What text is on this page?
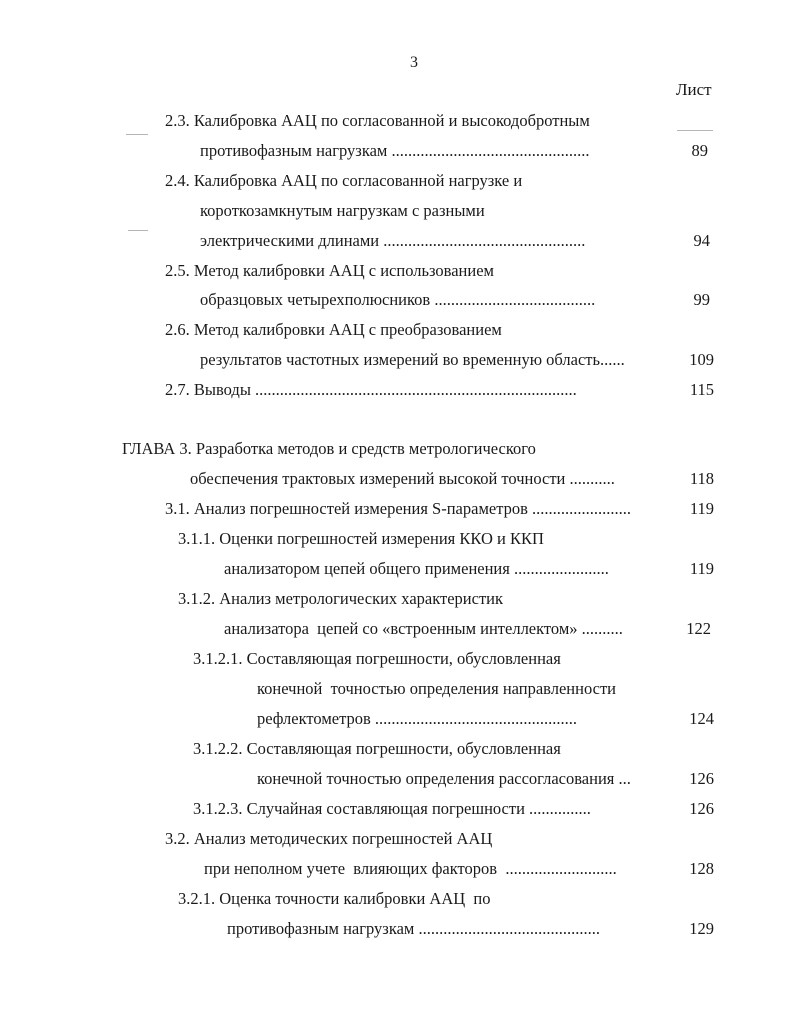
3
Лист
2.3. Калибровка ААЦ по согласованной и высокодобротным
противофазным нагрузкам ................................................	89
2.4. Калибровка ААЦ по согласованной нагрузке и
короткозамкнутым нагрузкам с разными
электрическими длинами .................................................	94
2.5. Метод калибровки ААЦ с использованием
образцовых четырехполюсников .......................................	99
2.6. Метод калибровки ААЦ с преобразованием
результатов частотных измерений во временную область......	109
2.7. Выводы ..............................................................................	115
ГЛАВА 3. Разработка методов и средств метрологического
обеспечения трактовых измерений высокой точности ...........	118
3.1. Анализ погрешностей измерения S-параметров ........................	119
3.1.1. Оценки погрешностей измерения ККО и ККП
анализатором цепей общего применения .......................	119
3.1.2. Анализ метрологических характеристик
анализатора  цепей со «встроенным интеллектом» ..........	122
3.1.2.1. Составляющая погрешности, обусловленная
конечной  точностью определения направленности
рефлектометров .................................................	124
3.1.2.2. Составляющая погрешности, обусловленная
конечной точностью определения рассогласования ...	126
3.1.2.3. Случайная составляющая погрешности ...............	126
3.2. Анализ методических погрешностей ААЦ
при неполном учете  влияющих факторов  ...........................	128
3.2.1. Оценка точности калибровки ААЦ  по
противофазным нагрузкам ............................................	129
